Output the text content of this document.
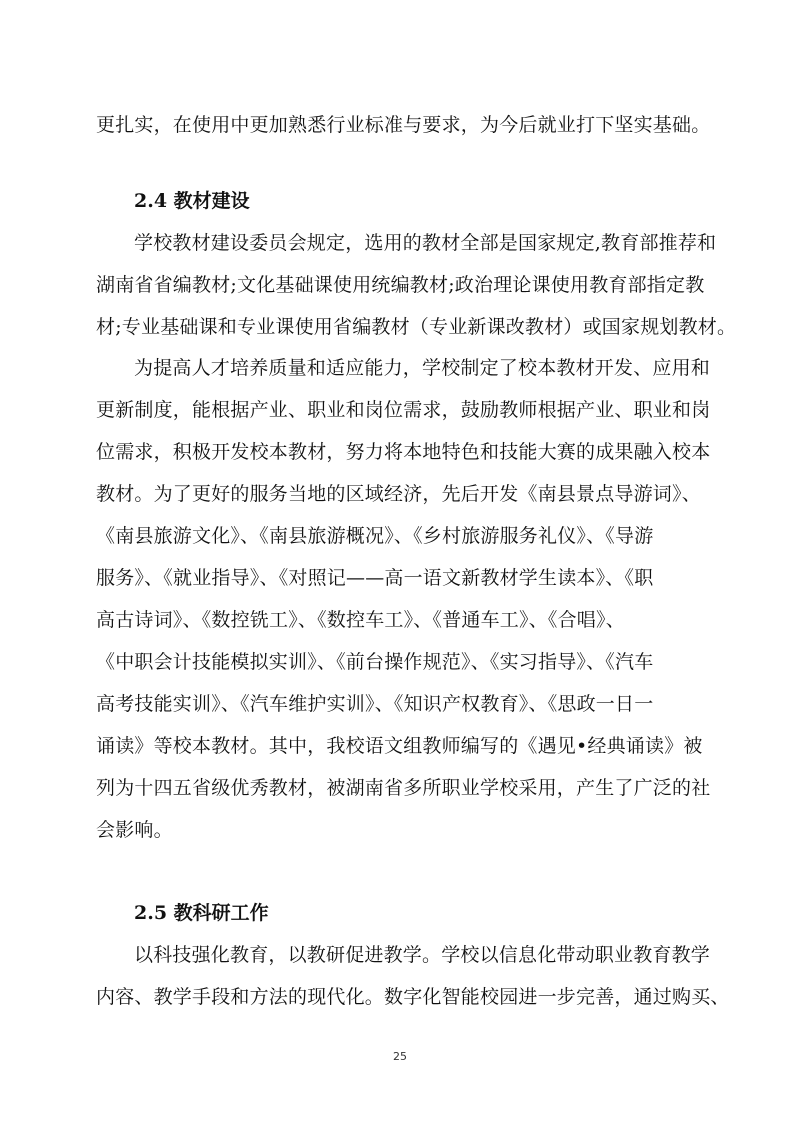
更扎实，在使用中更加熟悉行业标准与要求，为今后就业打下坚实基础。
2.4 教材建设
学校教材建设委员会规定，选用的教材全部是国家规定,教育部推荐和
湖南省省编教材;文化基础课使用统编教材;政治理论课使用教育部指定教
材;专业基础课和专业课使用省编教材（专业新课改教材）或国家规划教材。
为提高人才培养质量和适应能力，学校制定了校本教材开发、应用和
更新制度，能根据产业、职业和岗位需求，鼓励教师根据产业、职业和岗
位需求，积极开发校本教材，努力将本地特色和技能大赛的成果融入校本
教材。为了更好的服务当地的区域经济，先后开发《南县景点导游词》、
《南县旅游文化》、《南县旅游概况》、《乡村旅游服务礼仪》、《导游
服务》、《就业指导》、《对照记——高一语文新教材学生读本》、《职
高古诗词》、《数控铣工》、《数控车工》、《普通车工》、《合唱》、
《中职会计技能模拟实训》、《前台操作规范》、《实习指导》、《汽车
高考技能实训》、《汽车维护实训》、《知识产权教育》、《思政一日一
诵读》等校本教材。其中，我校语文组教师编写的《遇见•经典诵读》被
列为十四五省级优秀教材，被湖南省多所职业学校采用，产生了广泛的社
会影响。
2.5 教科研工作
以科技强化教育，以教研促进教学。学校以信息化带动职业教育教学
内容、教学手段和方法的现代化。数字化智能校园进一步完善，通过购买、
25
